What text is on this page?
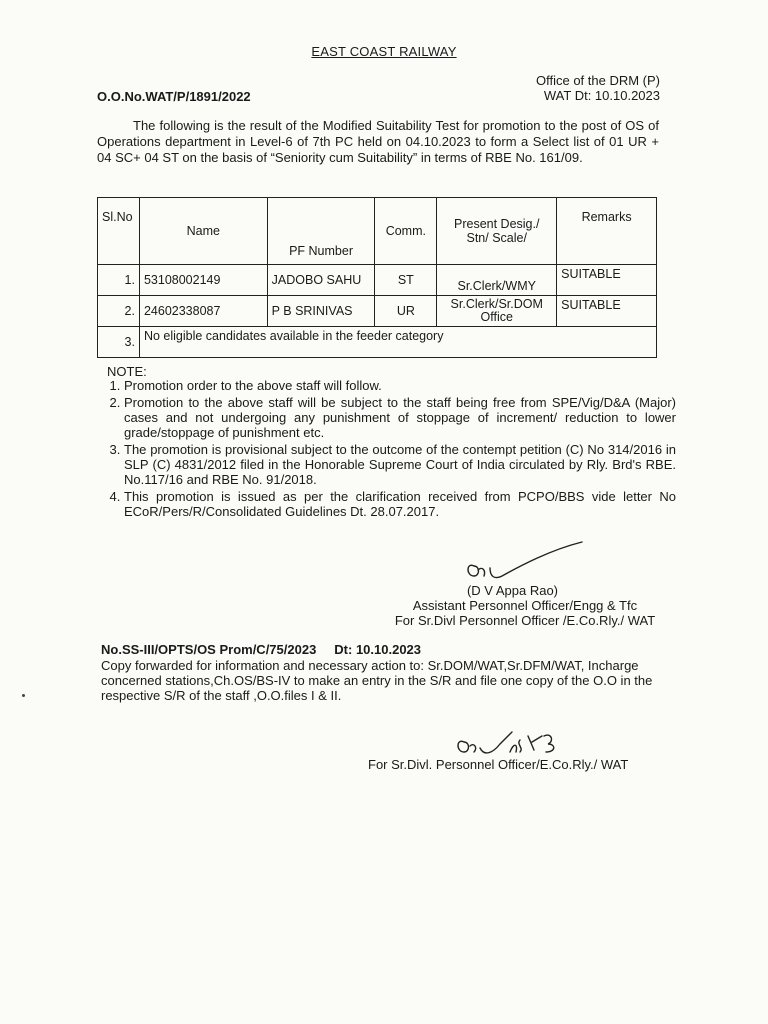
EAST COAST RAILWAY
Office of the DRM (P)
WAT Dt: 10.10.2023
O.O.No.WAT/P/1891/2022
The following is the result of the Modified Suitability Test for promotion to the post of OS of Operations department in Level-6 of 7th PC held on 04.10.2023 to form a Select list of 01 UR + 04 SC+ 04 ST on the basis of “Seniority cum Suitability” in terms of RBE No. 161/09.
Sl.No	Name	PF Number	Comm.	Present Desig./ Stn/ Scale/	Remarks
1.	53108002149	JADOBO SAHU	ST	Sr.Clerk/WMY	SUITABLE
2.	24602338087	P B SRINIVAS	UR	Sr.Clerk/Sr.DOM Office	SUITABLE
3.	No eligible candidates available in the feeder category				
NOTE:
1. Promotion order to the above staff will follow.
2. Promotion to the above staff will be subject to the staff being free from SPE/Vig/D&A (Major) cases and not undergoing any punishment of stoppage of increment/ reduction to lower grade/stoppage of punishment etc.
3. The promotion is provisional subject to the outcome of the contempt petition (C) No 314/2016 in SLP (C) 4831/2012 filed in the Honorable Supreme Court of India circulated by Rly. Brd's RBE. No.117/16 and RBE No. 91/2018.
4. This promotion is issued as per the clarification received from PCPO/BBS vide letter No ECoR/Pers/R/Consolidated Guidelines Dt. 28.07.2017.
(D V Appa Rao)
Assistant Personnel Officer/Engg & Tfc
For Sr.Divl Personnel Officer /E.Co.Rly./ WAT
No.SS-III/OPTS/OS Prom/C/75/2023 Dt: 10.10.2023
Copy forwarded for information and necessary action to: Sr.DOM/WAT,Sr.DFM/WAT, Incharge concerned stations,Ch.OS/BS-IV to make an entry in the S/R and file one copy of the O.O in the respective S/R of the staff ,O.O.files I & II.
For Sr.Divl. Personnel Officer/E.Co.Rly./ WAT
